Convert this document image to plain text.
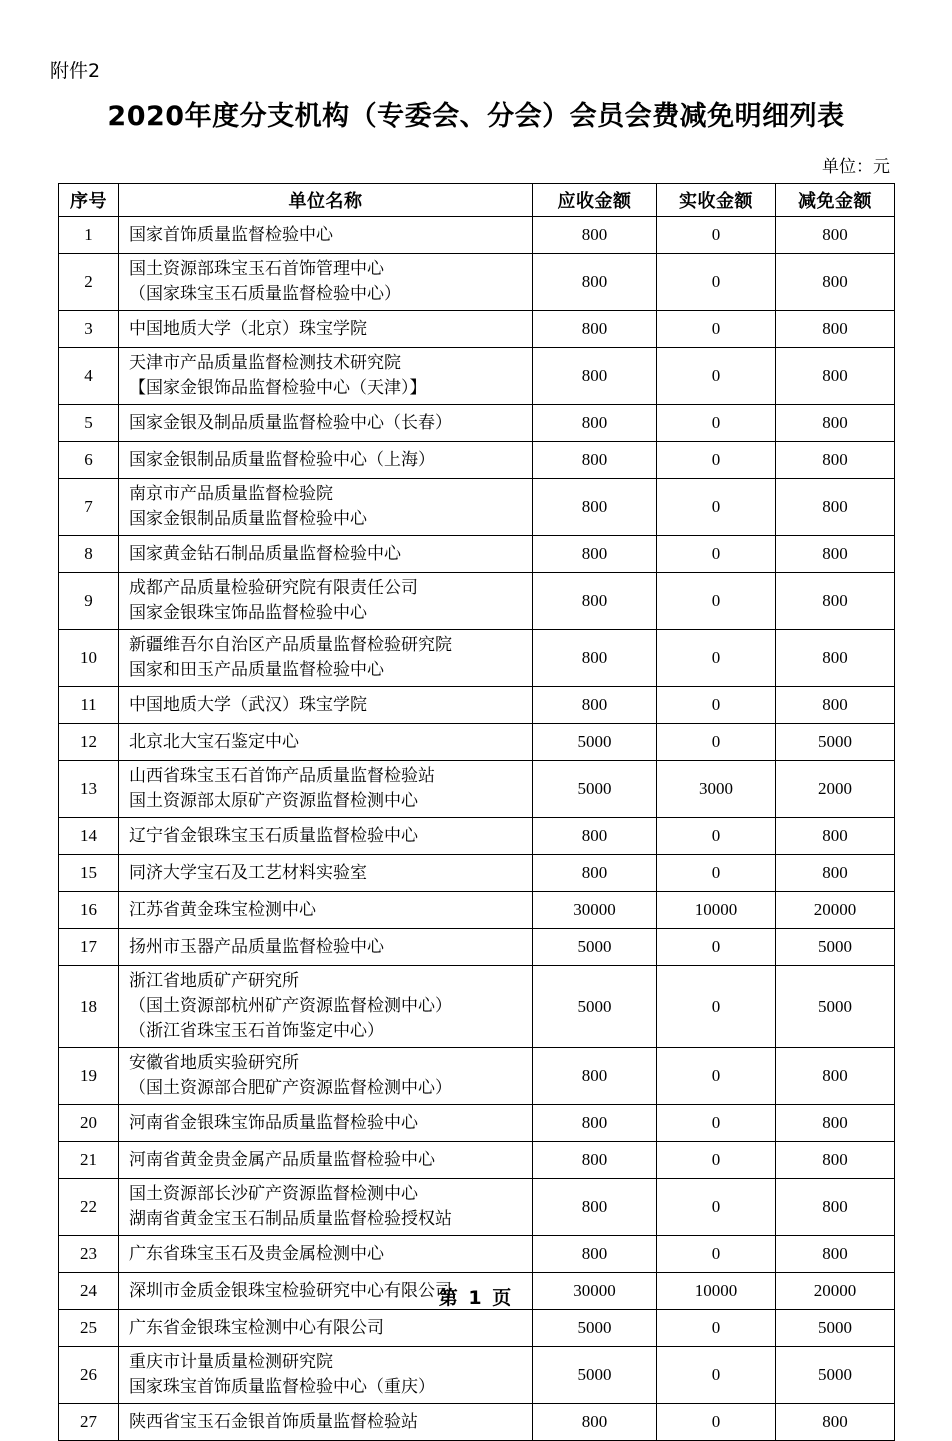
附件2
2020年度分支机构（专委会、分会）会员会费减免明细列表
单位：元
序号	单位名称	应收金额	实收金额	减免金额
1	国家首饰质量监督检验中心	800	0	800
2	国土资源部珠宝玉石首饰管理中心
（国家珠宝玉石质量监督检验中心）	800	0	800
3	中国地质大学（北京）珠宝学院	800	0	800
4	天津市产品质量监督检测技术研究院
【国家金银饰品监督检验中心（天津）】	800	0	800
5	国家金银及制品质量监督检验中心（长春）	800	0	800
6	国家金银制品质量监督检验中心（上海）	800	0	800
7	南京市产品质量监督检验院
国家金银制品质量监督检验中心	800	0	800
8	国家黄金钻石制品质量监督检验中心	800	0	800
9	成都产品质量检验研究院有限责任公司
国家金银珠宝饰品监督检验中心	800	0	800
10	新疆维吾尔自治区产品质量监督检验研究院
国家和田玉产品质量监督检验中心	800	0	800
11	中国地质大学（武汉）珠宝学院	800	0	800
12	北京北大宝石鉴定中心	5000	0	5000
13	山西省珠宝玉石首饰产品质量监督检验站
国土资源部太原矿产资源监督检测中心	5000	3000	2000
14	辽宁省金银珠宝玉石质量监督检验中心	800	0	800
15	同济大学宝石及工艺材料实验室	800	0	800
16	江苏省黄金珠宝检测中心	30000	10000	20000
17	扬州市玉器产品质量监督检验中心	5000	0	5000
18	浙江省地质矿产研究所
（国土资源部杭州矿产资源监督检测中心）
（浙江省珠宝玉石首饰鉴定中心）	5000	0	5000
19	安徽省地质实验研究所
（国土资源部合肥矿产资源监督检测中心）	800	0	800
20	河南省金银珠宝饰品质量监督检验中心	800	0	800
21	河南省黄金贵金属产品质量监督检验中心	800	0	800
22	国土资源部长沙矿产资源监督检测中心
湖南省黄金宝玉石制品质量监督检验授权站	800	0	800
23	广东省珠宝玉石及贵金属检测中心	800	0	800
24	深圳市金质金银珠宝检验研究中心有限公司	30000	10000	20000
25	广东省金银珠宝检测中心有限公司	5000	0	5000
26	重庆市计量质量检测研究院
国家珠宝首饰质量监督检验中心（重庆）	5000	0	5000
27	陕西省宝玉石金银首饰质量监督检验站	800	0	800
第 1 页
